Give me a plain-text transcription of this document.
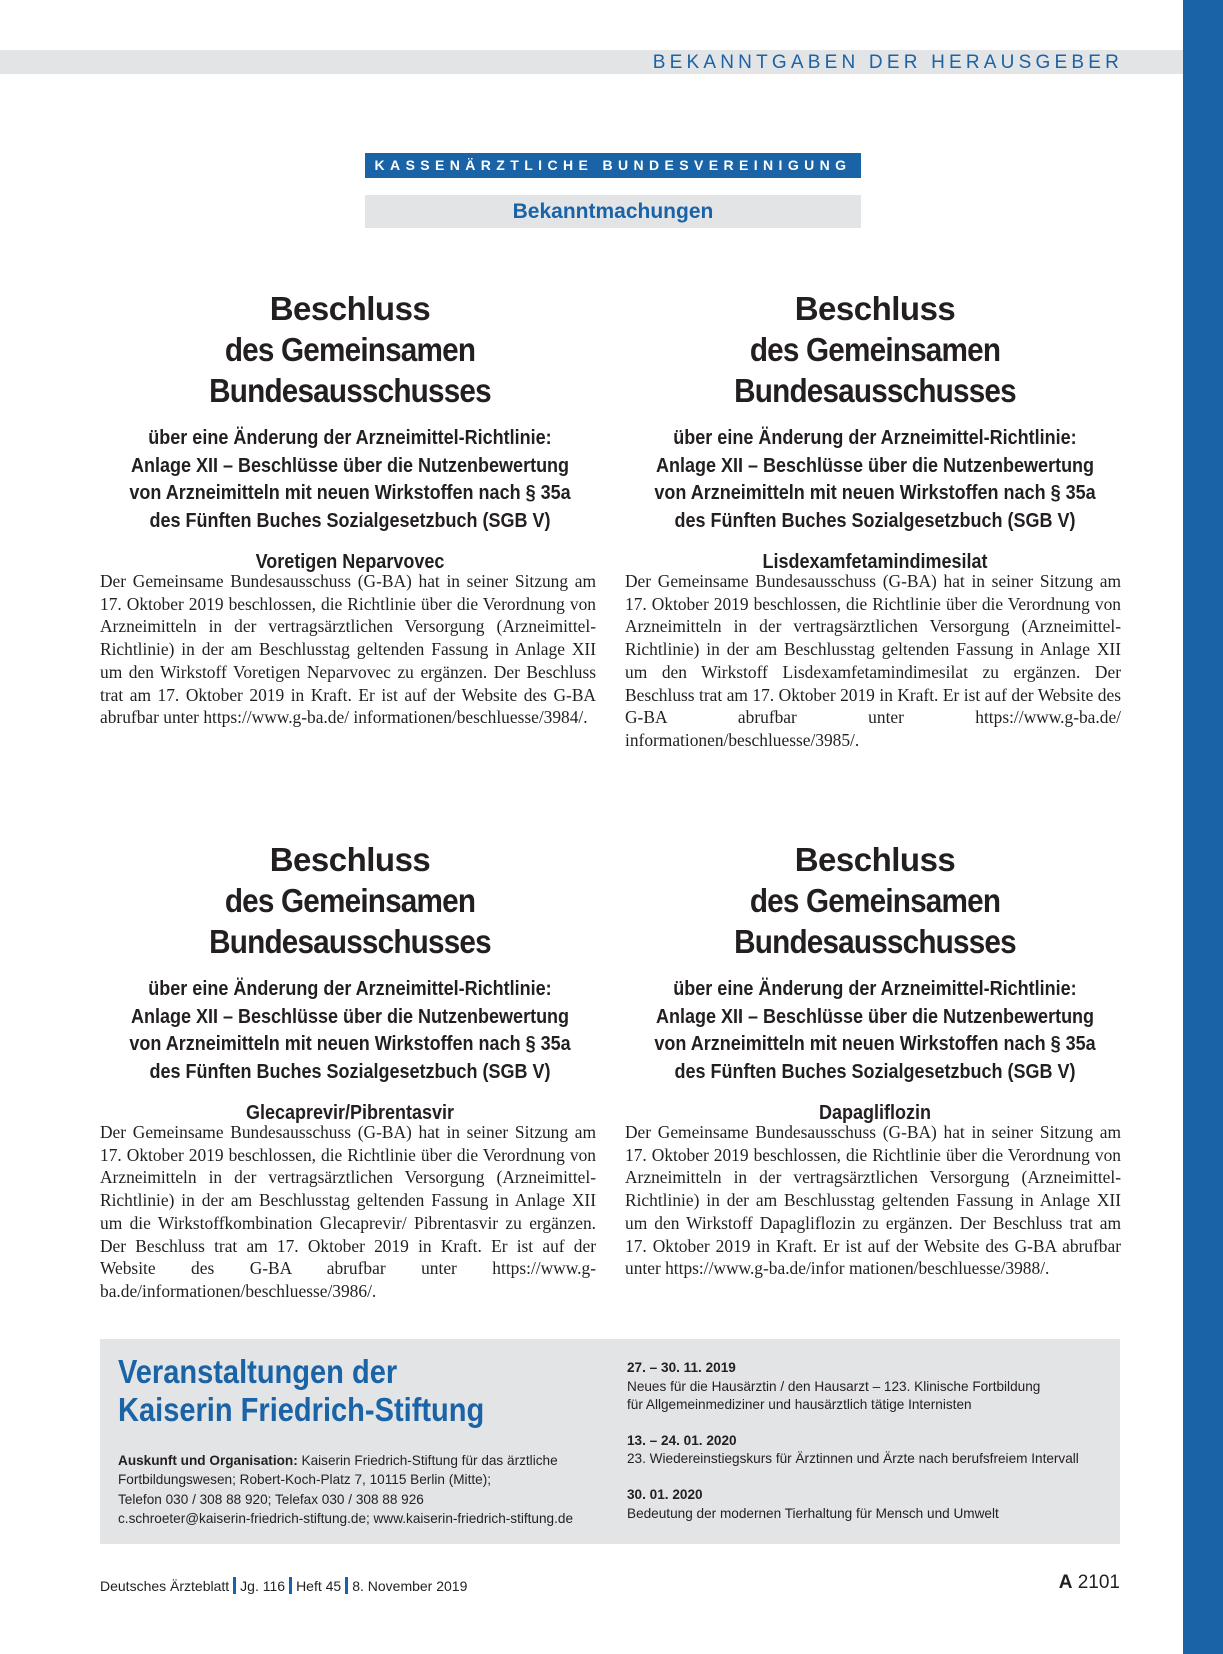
BEKANNTGABEN DER HERAUSGEBER
KASSENÄRZTLICHE BUNDESVEREINIGUNG
Bekanntmachungen
Beschluss
des Gemeinsamen Bundesausschusses
über eine Änderung der Arzneimittel-Richtlinie:
Anlage XII – Beschlüsse über die Nutzenbewertung
von Arzneimitteln mit neuen Wirkstoffen nach § 35a
des Fünften Buches Sozialgesetzbuch (SGB V)
Voretigen Neparvovec
Der Gemeinsame Bundesausschuss (G-BA) hat in seiner Sitzung am 17. Oktober 2019 beschlossen, die Richtlinie über die Verordnung von Arzneimitteln in der vertragsärztlichen Versorgung (Arzneimittel-Richtlinie) in der am Beschlusstag geltenden Fassung in Anlage XII um den Wirkstoff Voretigen Neparvovec zu ergänzen. Der Beschluss trat am 17. Oktober 2019 in Kraft. Er ist auf der Website des G-BA abrufbar unter https://www.g-ba.de/ informationen/beschluesse/3984/.
Beschluss
des Gemeinsamen Bundesausschusses
über eine Änderung der Arzneimittel-Richtlinie:
Anlage XII – Beschlüsse über die Nutzenbewertung
von Arzneimitteln mit neuen Wirkstoffen nach § 35a
des Fünften Buches Sozialgesetzbuch (SGB V)
Lisdexamfetamindimesilat
Der Gemeinsame Bundesausschuss (G-BA) hat in seiner Sitzung am 17. Oktober 2019 beschlossen, die Richtlinie über die Verordnung von Arzneimitteln in der vertragsärztlichen Versorgung (Arzneimittel-Richtlinie) in der am Beschlusstag geltenden Fassung in Anlage XII um den Wirkstoff Lisdexamfetamindimesilat zu ergänzen. Der Beschluss trat am 17. Oktober 2019 in Kraft. Er ist auf der Website des G-BA abrufbar unter https://www.g-ba.de/ informationen/beschluesse/3985/.
Beschluss
des Gemeinsamen Bundesausschusses
über eine Änderung der Arzneimittel-Richtlinie:
Anlage XII – Beschlüsse über die Nutzenbewertung
von Arzneimitteln mit neuen Wirkstoffen nach § 35a
des Fünften Buches Sozialgesetzbuch (SGB V)
Glecaprevir/Pibrentasvir
Der Gemeinsame Bundesausschuss (G-BA) hat in seiner Sitzung am 17. Oktober 2019 beschlossen, die Richtlinie über die Verordnung von Arzneimitteln in der vertragsärztlichen Versorgung (Arzneimittel-Richtlinie) in der am Beschlusstag geltenden Fassung in Anlage XII um die Wirkstoffkombination Glecaprevir/ Pibrentasvir zu ergänzen. Der Beschluss trat am 17. Oktober 2019 in Kraft. Er ist auf der Website des G-BA abrufbar unter https://www.g-ba.de/informationen/beschluesse/3986/.
Beschluss
des Gemeinsamen Bundesausschusses
über eine Änderung der Arzneimittel-Richtlinie:
Anlage XII – Beschlüsse über die Nutzenbewertung
von Arzneimitteln mit neuen Wirkstoffen nach § 35a
des Fünften Buches Sozialgesetzbuch (SGB V)
Dapagliflozin
Der Gemeinsame Bundesausschuss (G-BA) hat in seiner Sitzung am 17. Oktober 2019 beschlossen, die Richtlinie über die Verordnung von Arzneimitteln in der vertragsärztlichen Versorgung (Arzneimittel-Richtlinie) in der am Beschlusstag geltenden Fassung in Anlage XII um den Wirkstoff Dapagliflozin zu ergänzen. Der Beschluss trat am 17. Oktober 2019 in Kraft. Er ist auf der Website des G-BA abrufbar unter https://www.g-ba.de/infor mationen/beschluesse/3988/.
Veranstaltungen der
Kaiserin Friedrich-Stiftung
Auskunft und Organisation: Kaiserin Friedrich-Stiftung für das ärztliche
Fortbildungswesen; Robert-Koch-Platz 7, 10115 Berlin (Mitte);
Telefon 030 / 308 88 920; Telefax 030 / 308 88 926
c.schroeter@kaiserin-friedrich-stiftung.de; www.kaiserin-friedrich-stiftung.de
27. – 30. 11. 2019
Neues für die Hausärztin / den Hausarzt – 123. Klinische Fortbildung
für Allgemeinmediziner und hausärztlich tätige Internisten
13. – 24. 01. 2020
23. Wiedereinstiegskurs für Ärztinnen und Ärzte nach berufsfreiem Intervall
30. 01. 2020
Bedeutung der modernen Tierhaltung für Mensch und Umwelt
Deutsches Ärzteblatt Jg. 116 Heft 45 8. November 2019	A 2101
